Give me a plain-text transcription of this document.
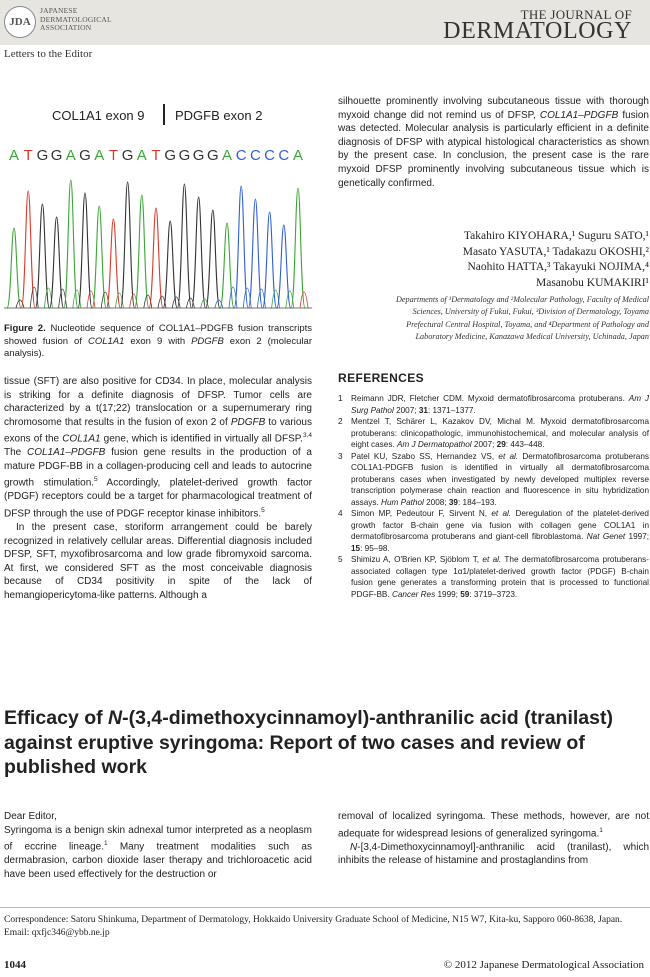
JDA
JAPANESE
DERMATOLOGICAL
ASSOCIATION
THE JOURNAL OF
DERMATOLOGY
Letters to the Editor
COL1A1 exon 9 PDGFB exon 2
A T G G A G A T G A T G G G G A C C C C A
Figure 2. Nucleotide sequence of COL1A1–PDGFB fusion transcripts showed fusion of COL1A1 exon 9 with PDGFB exon 2 (molecular analysis).

tissue (SFT) are also positive for CD34. In place, molecular analysis is striking for a definite diagnosis of DFSP. Tumor cells are characterized by a t(17;22) translocation or a supernumerary ring chromosome that results in the fusion of exon 2 of PDGFB to various exons of the COL1A1 gene, which is identified in virtually all DFSP.$^{3,4}$ The COL1A1–PDGFB fusion gene results in the production of a mature PDGF-BB in a collagen-producing cell and leads to autocrine growth stimulation.$^5$ Accordingly, platelet-derived growth factor (PDGF) receptors could be a target for pharmacological treatment of DFSP through the use of PDGF receptor kinase inhibitors.$^5$

In the present case, storiform arrangement could be barely recognized in relatively cellular areas. Differential diagnosis included DFSP, SFT, myxofibrosarcoma and low grade fibromyxoid sarcoma. At first, we considered SFT as the most conceivable diagnosis because of CD34 positivity in spite of the lack of hemangiopericytoma-like patterns. Although a

silhouette prominently involving subcutaneous tissue with thorough myxoid change did not remind us of DFSP, COL1A1–PDGFB fusion was detected. Molecular analysis is particularly efficient in a definite diagnosis of DFSP with atypical histological characteristics as shown by the present case. In conclusion, the present case is the rare myxoid DFSP prominently involving subcutaneous tissue which is genetically confirmed.

Takahiro KIYOHARA,¹ Suguru SATO,¹
Masato YASUTA,¹ Tadakazu OKOSHI,²
Naohito HATTA,³ Takayuki NOJIMA,⁴
Masanobu KUMAKIRI¹
Departments of ¹Dermatology and ²Molecular Pathology, Faculty of Medical
Sciences, University of Fukui, Fukui, ³Division of Dermatology, Toyama
Prefectural Central Hospital, Toyama, and ⁴Department of Pathology and
Laboratory Medicine, Kanazawa Medical University, Uchinada, Japan
REFERENCES
1 Reimann JDR, Fletcher CDM. Myxoid dermatofibrosarcoma protuberans. Am J Surg Pathol 2007; 31: 1371–1377.
2 Mentzel T, Schärer L, Kazakov DV, Michal M. Myxoid dermatofibrosarcoma protuberans: clinicopathologic, immunohistochemical, and molecular analysis of eight cases. Am J Dermatopathol 2007; 29: 443–448.
3 Patel KU, Szabo SS, Hernandez VS, et al. Dermatofibrosarcoma protuberans COL1A1-PDGFB fusion is identified in virtually all dermatofibrosarcoma protuberans cases when investigated by newly developed multiplex reverse transcription polymerase chain reaction and fluorescence in situ hybridization assays. Hum Pathol 2008; 39: 184–193.
4 Simon MP, Pedeutour F, Sirvent N, et al. Deregulation of the platelet-derived growth factor B-chain gene via fusion with collagen gene COL1A1 in dermatofibrosarcoma protuberans and giant-cell fibroblastoma. Nat Genet 1997; 15: 95–98.
5 Shimizu A, O'Brien KP, Sjöblom T, et al. The dermatofibrosarcoma protuberans-associated collagen type 1α1/platelet-derived growth factor (PDGF) B-chain fusion gene generates a transforming protein that is processed to functional PDGF-BB. Cancer Res 1999; 59: 3719–3723.
Efficacy of N-(3,4-dimethoxycinnamoyl)-anthranilic acid (tranilast) against eruptive syringoma: Report of two cases and review of published work

Dear Editor,

Syringoma is a benign skin adnexal tumor interpreted as a neoplasm of eccrine lineage.$^1$ Many treatment modalities such as dermabrasion, carbon dioxide laser therapy and trichloroacetic acid have been used effectively for the destruction or

removal of localized syringoma. These methods, however, are not adequate for widespread lesions of generalized syringoma.$^1$

N-[3,4-Dimethoxycinnamoyl]-anthranilic acid (tranilast), which inhibits the release of histamine and prostaglandins from

Correspondence: Satoru Shinkuma, Department of Dermatology, Hokkaido University Graduate School of Medicine, N15 W7, Kita-ku, Sapporo 060-8638, Japan. Email: qxfjc346@ybb.ne.jp
1044	© 2012 Japanese Dermatological Association
